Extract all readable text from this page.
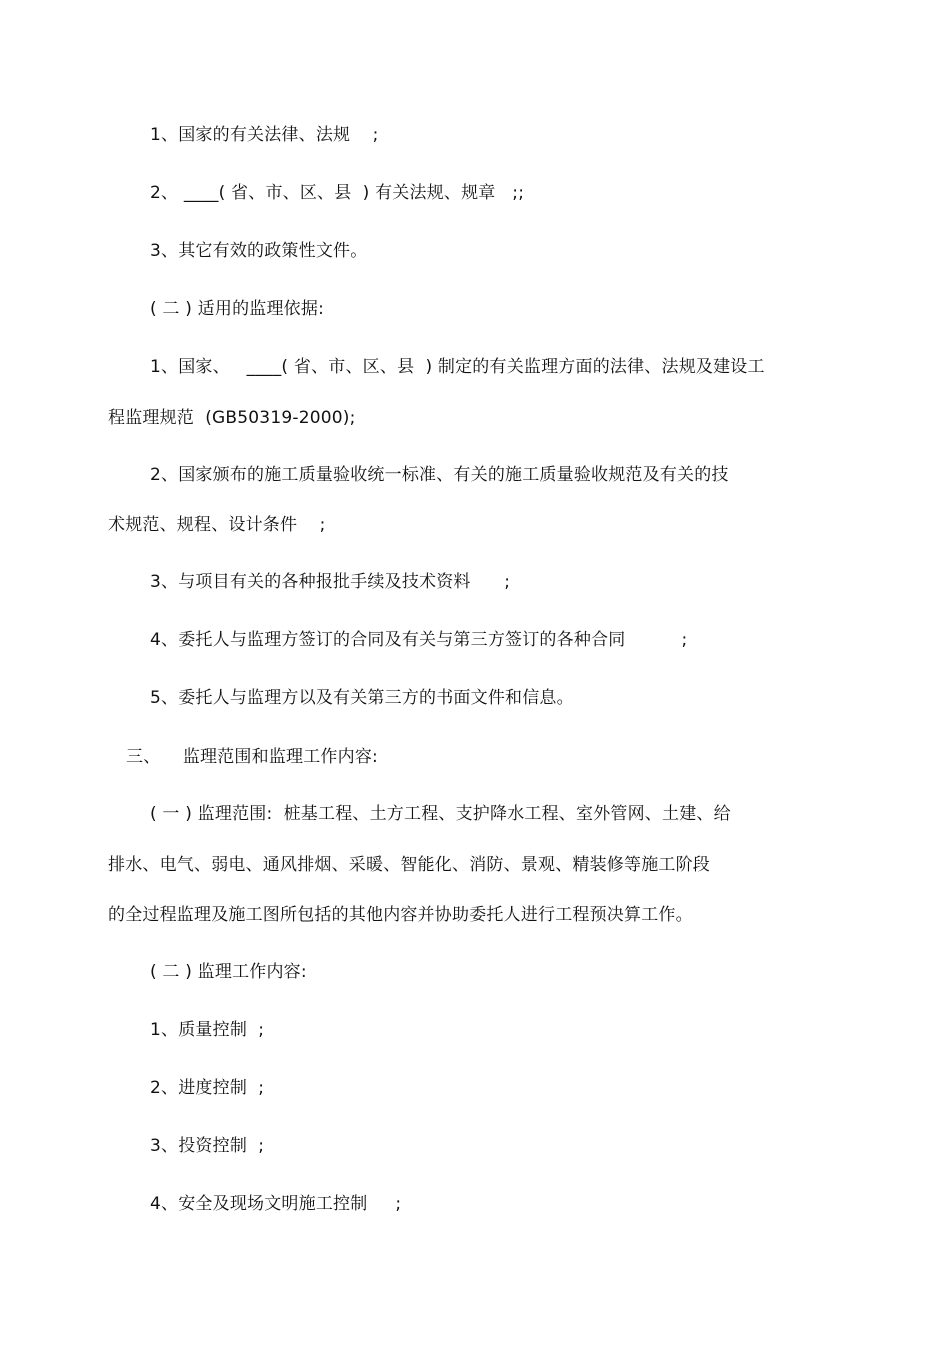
1、国家的有关法律、法规    ;
2、 ____( 省、市、区、县  ) 有关法规、规章   ;;
3、其它有效的政策性文件。
( 二 ) 适用的监理依据:
1、国家、   ____( 省、市、区、县  ) 制定的有关监理方面的法律、法规及建设工
程监理规范  (GB50319-2000);
2、国家颁布的施工质量验收统一标准、有关的施工质量验收规范及有关的技
术规范、规程、设计条件    ;
3、与项目有关的各种报批手续及技术资料      ;
4、委托人与监理方签订的合同及有关与第三方签订的各种合同          ;
5、委托人与监理方以及有关第三方的书面文件和信息。
三、    监理范围和监理工作内容:
( 一 ) 监理范围:  桩基工程、土方工程、支护降水工程、室外管网、土建、给
排水、电气、弱电、通风排烟、采暖、智能化、消防、景观、精装修等施工阶段
的全过程监理及施工图所包括的其他内容并协助委托人进行工程预决算工作。
( 二 ) 监理工作内容:
1、质量控制  ;
2、进度控制  ;
3、投资控制  ;
4、安全及现场文明施工控制     ;
